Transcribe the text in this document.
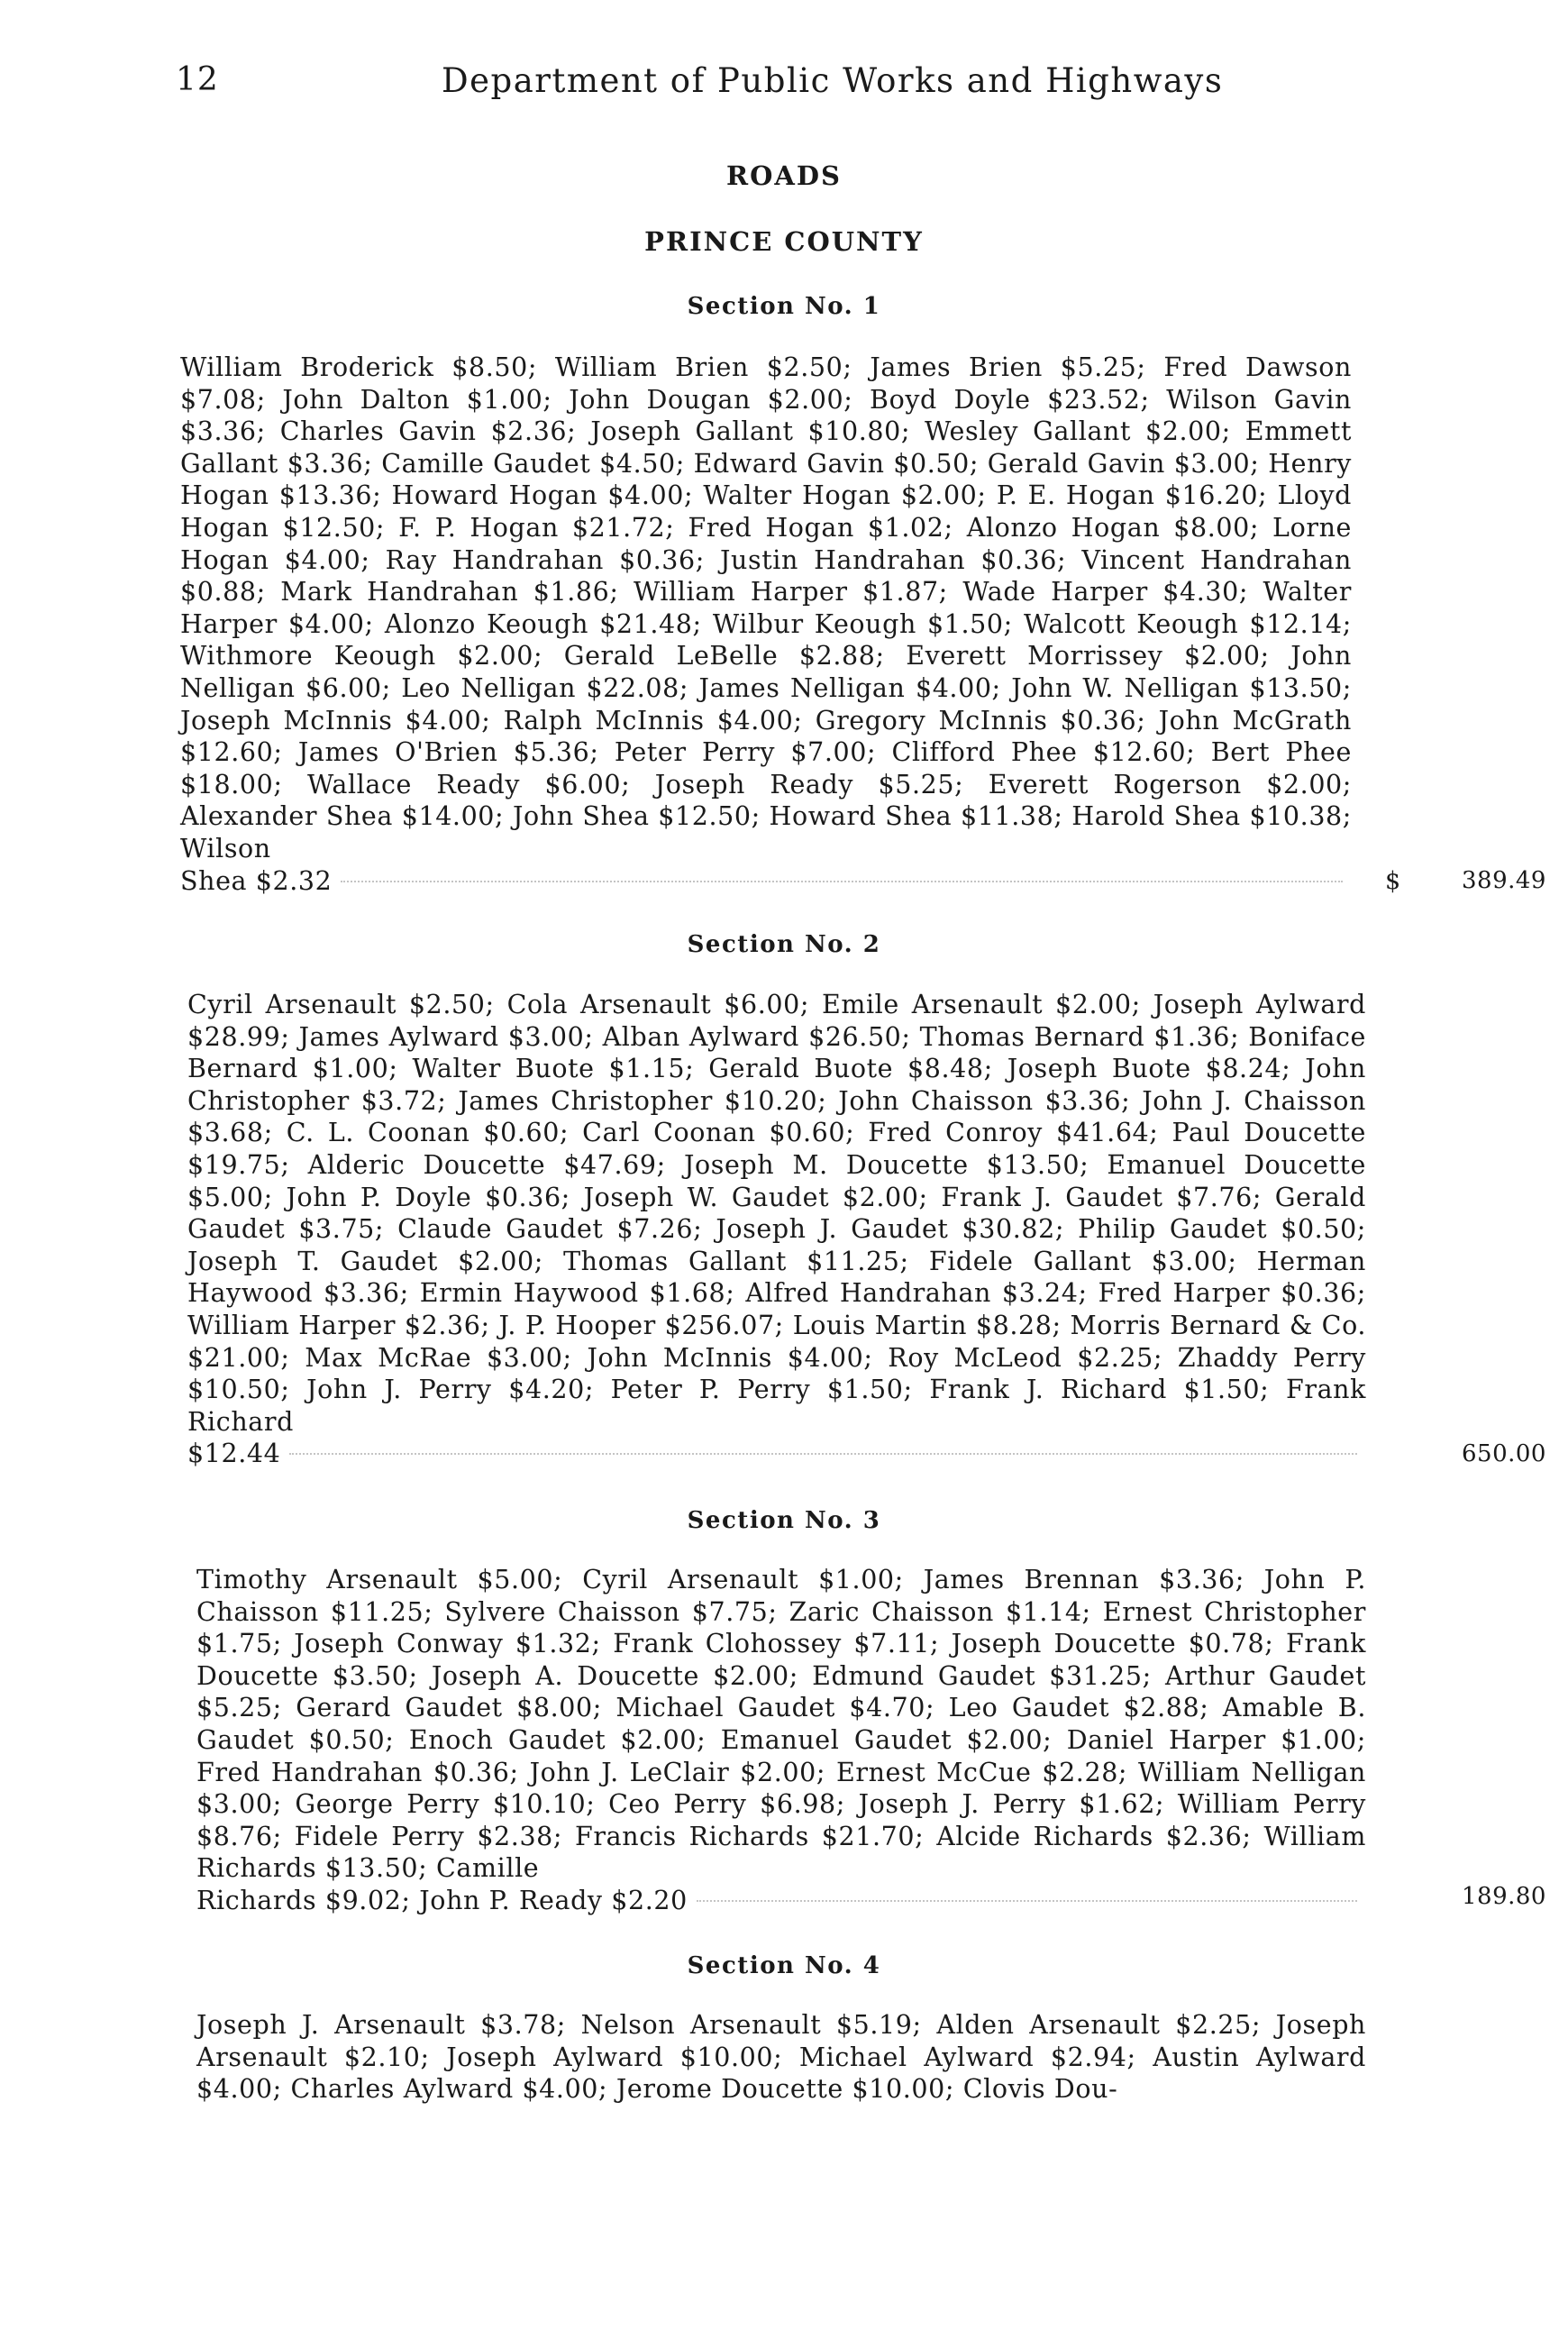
12	Department of Public Works and Highways
ROADS
PRINCE COUNTY
Section No. 1
William Broderick $8.50; William Brien $2.50; James Brien $5.25; Fred Dawson $7.08; John Dalton $1.00; John Dougan $2.00; Boyd Doyle $23.52; Wilson Gavin $3.36; Charles Gavin $2.36; Joseph Gallant $10.80; Wesley Gallant $2.00; Emmett Gallant $3.36; Camille Gaudet $4.50; Edward Gavin $0.50; Gerald Gavin $3.00; Henry Hogan $13.36; Howard Hogan $4.00; Walter Hogan $2.00; P. E. Hogan $16.20; Lloyd Hogan $12.50; F. P. Hogan $21.72; Fred Hogan $1.02; Alonzo Hogan $8.00; Lorne Hogan $4.00; Ray Handrahan $0.36; Justin Handrahan $0.36; Vincent Handrahan $0.88; Mark Handrahan $1.86; William Harper $1.87; Wade Harper $4.30; Walter Harper $4.00; Alonzo Keough $21.48; Wilbur Keough $1.50; Walcott Keough $12.14; Withmore Keough $2.00; Gerald LeBelle $2.88; Everett Morrissey $2.00; John Nelligan $6.00; Leo Nelligan $22.08; James Nelligan $4.00; John W. Nelligan $13.50; Joseph McInnis $4.00; Ralph McInnis $4.00; Gregory McInnis $0.36; John McGrath $12.60; James O'Brien $5.36; Peter Perry $7.00; Clifford Phee $12.60; Bert Phee $18.00; Wallace Ready $6.00; Joseph Ready $5.25; Everett Rogerson $2.00; Alexander Shea $14.00; John Shea $12.50; Howard Shea $11.38; Harold Shea $10.38; Wilson
Shea $2.32	$	389.49
Section No. 2
Cyril Arsenault $2.50; Cola Arsenault $6.00; Emile Arsenault $2.00; Joseph Aylward $28.99; James Aylward $3.00; Alban Aylward $26.50; Thomas Bernard $1.36; Boniface Bernard $1.00; Walter Buote $1.15; Gerald Buote $8.48; Joseph Buote $8.24; John Christopher $3.72; James Christopher $10.20; John Chaisson $3.36; John J. Chaisson $3.68; C. L. Coonan $0.60; Carl Coonan $0.60; Fred Conroy $41.64; Paul Doucette $19.75; Alderic Doucette $47.69; Joseph M. Doucette $13.50; Emanuel Doucette $5.00; John P. Doyle $0.36; Joseph W. Gaudet $2.00; Frank J. Gaudet $7.76; Gerald Gaudet $3.75; Claude Gaudet $7.26; Joseph J. Gaudet $30.82; Philip Gaudet $0.50; Joseph T. Gaudet $2.00; Thomas Gallant $11.25; Fidele Gallant $3.00; Herman Haywood $3.36; Ermin Haywood $1.68; Alfred Handrahan $3.24; Fred Harper $0.36; William Harper $2.36; J. P. Hooper $256.07; Louis Martin $8.28; Morris Bernard & Co. $21.00; Max McRae $3.00; John McInnis $4.00; Roy McLeod $2.25; Zhaddy Perry $10.50; John J. Perry $4.20; Peter P. Perry $1.50; Frank J. Richard $1.50; Frank Richard
$12.44	650.00
Section No. 3
Timothy Arsenault $5.00; Cyril Arsenault $1.00; James Brennan $3.36; John P. Chaisson $11.25; Sylvere Chaisson $7.75; Zaric Chaisson $1.14; Ernest Christopher $1.75; Joseph Conway $1.32; Frank Clohossey $7.11; Joseph Doucette $0.78; Frank Doucette $3.50; Joseph A. Doucette $2.00; Edmund Gaudet $31.25; Arthur Gaudet $5.25; Gerard Gaudet $8.00; Michael Gaudet $4.70; Leo Gaudet $2.88; Amable B. Gaudet $0.50; Enoch Gaudet $2.00; Emanuel Gaudet $2.00; Daniel Harper $1.00; Fred Handrahan $0.36; John J. LeClair $2.00; Ernest McCue $2.28; William Nelligan $3.00; George Perry $10.10; Ceo Perry $6.98; Joseph J. Perry $1.62; William Perry $8.76; Fidele Perry $2.38; Francis Richards $21.70; Alcide Richards $2.36; William Richards $13.50; Camille
Richards $9.02; John P. Ready $2.20	189.80
Section No. 4
Joseph J. Arsenault $3.78; Nelson Arsenault $5.19; Alden Arsenault $2.25; Joseph Arsenault $2.10; Joseph Aylward $10.00; Michael Aylward $2.94; Austin Aylward $4.00; Charles Aylward $4.00; Jerome Doucette $10.00; Clovis Dou-
